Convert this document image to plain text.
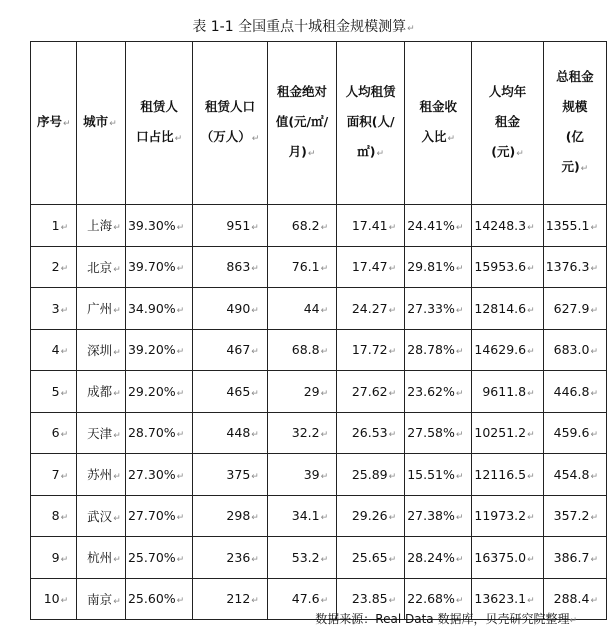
表 1-1 全国重点十城租金规模测算↵
序号↵	城市↵	租赁人
口占比↵	租赁人口
（万人）↵	租金绝对
值(元/㎡/
月)↵	人均租赁
面积(人/
㎡)↵	租金收
入比↵	人均年
租金
(元)↵	总租金
规模
(亿
元)↵
1↵	上海↵	39.30%↵	951↵	68.2↵	17.41↵	24.41%↵	14248.3↵	1355.1↵
2↵	北京↵	39.70%↵	863↵	76.1↵	17.47↵	29.81%↵	15953.6↵	1376.3↵
3↵	广州↵	34.90%↵	490↵	44↵	24.27↵	27.33%↵	12814.6↵	627.9↵
4↵	深圳↵	39.20%↵	467↵	68.8↵	17.72↵	28.78%↵	14629.6↵	683.0↵
5↵	成都↵	29.20%↵	465↵	29↵	27.62↵	23.62%↵	9611.8↵	446.8↵
6↵	天津↵	28.70%↵	448↵	32.2↵	26.53↵	27.58%↵	10251.2↵	459.6↵
7↵	苏州↵	27.30%↵	375↵	39↵	25.89↵	15.51%↵	12116.5↵	454.8↵
8↵	武汉↵	27.70%↵	298↵	34.1↵	29.26↵	27.38%↵	11973.2↵	357.2↵
9↵	杭州↵	25.70%↵	236↵	53.2↵	25.65↵	28.24%↵	16375.0↵	386.7↵
10↵	南京↵	25.60%↵	212↵	47.6↵	23.85↵	22.68%↵	13623.1↵	288.4↵
数据来源：Real Data 数据库，贝壳研究院整理↵
